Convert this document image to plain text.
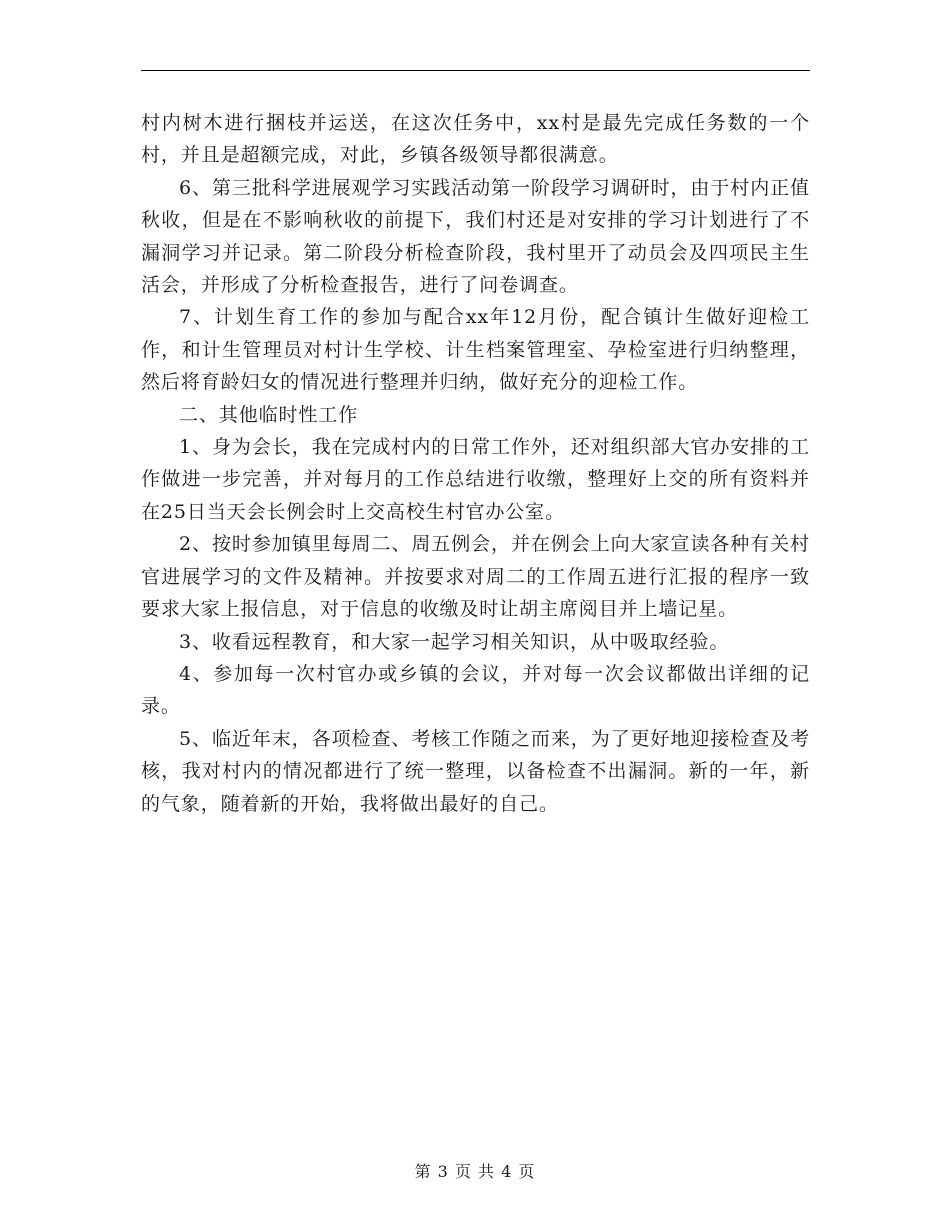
村内树木进行捆枝并运送，在这次任务中，xx村是最先完成任务数的一个村，并且是超额完成，对此，乡镇各级领导都很满意。

6、第三批科学进展观学习实践活动第一阶段学习调研时，由于村内正值秋收，但是在不影响秋收的前提下，我们村还是对安排的学习计划进行了不漏洞学习并记录。第二阶段分析检查阶段，我村里开了动员会及四项民主生活会，并形成了分析检查报告，进行了问卷调查。

7、计划生育工作的参加与配合xx年12月份，配合镇计生做好迎检工作，和计生管理员对村计生学校、计生档案管理室、孕检室进行归纳整理，然后将育龄妇女的情况进行整理并归纳，做好充分的迎检工作。

二、其他临时性工作

1、身为会长，我在完成村内的日常工作外，还对组织部大官办安排的工作做进一步完善，并对每月的工作总结进行收缴，整理好上交的所有资料并在25日当天会长例会时上交高校生村官办公室。

2、按时参加镇里每周二、周五例会，并在例会上向大家宣读各种有关村官进展学习的文件及精神。并按要求对周二的工作周五进行汇报的程序一致要求大家上报信息，对于信息的收缴及时让胡主席阅目并上墙记星。

3、收看远程教育，和大家一起学习相关知识，从中吸取经验。

4、参加每一次村官办或乡镇的会议，并对每一次会议都做出详细的记录。

5、临近年末，各项检查、考核工作随之而来，为了更好地迎接检查及考核，我对村内的情况都进行了统一整理，以备检查不出漏洞。新的一年，新的气象，随着新的开始，我将做出最好的自己。

第 3 页 共 4 页
